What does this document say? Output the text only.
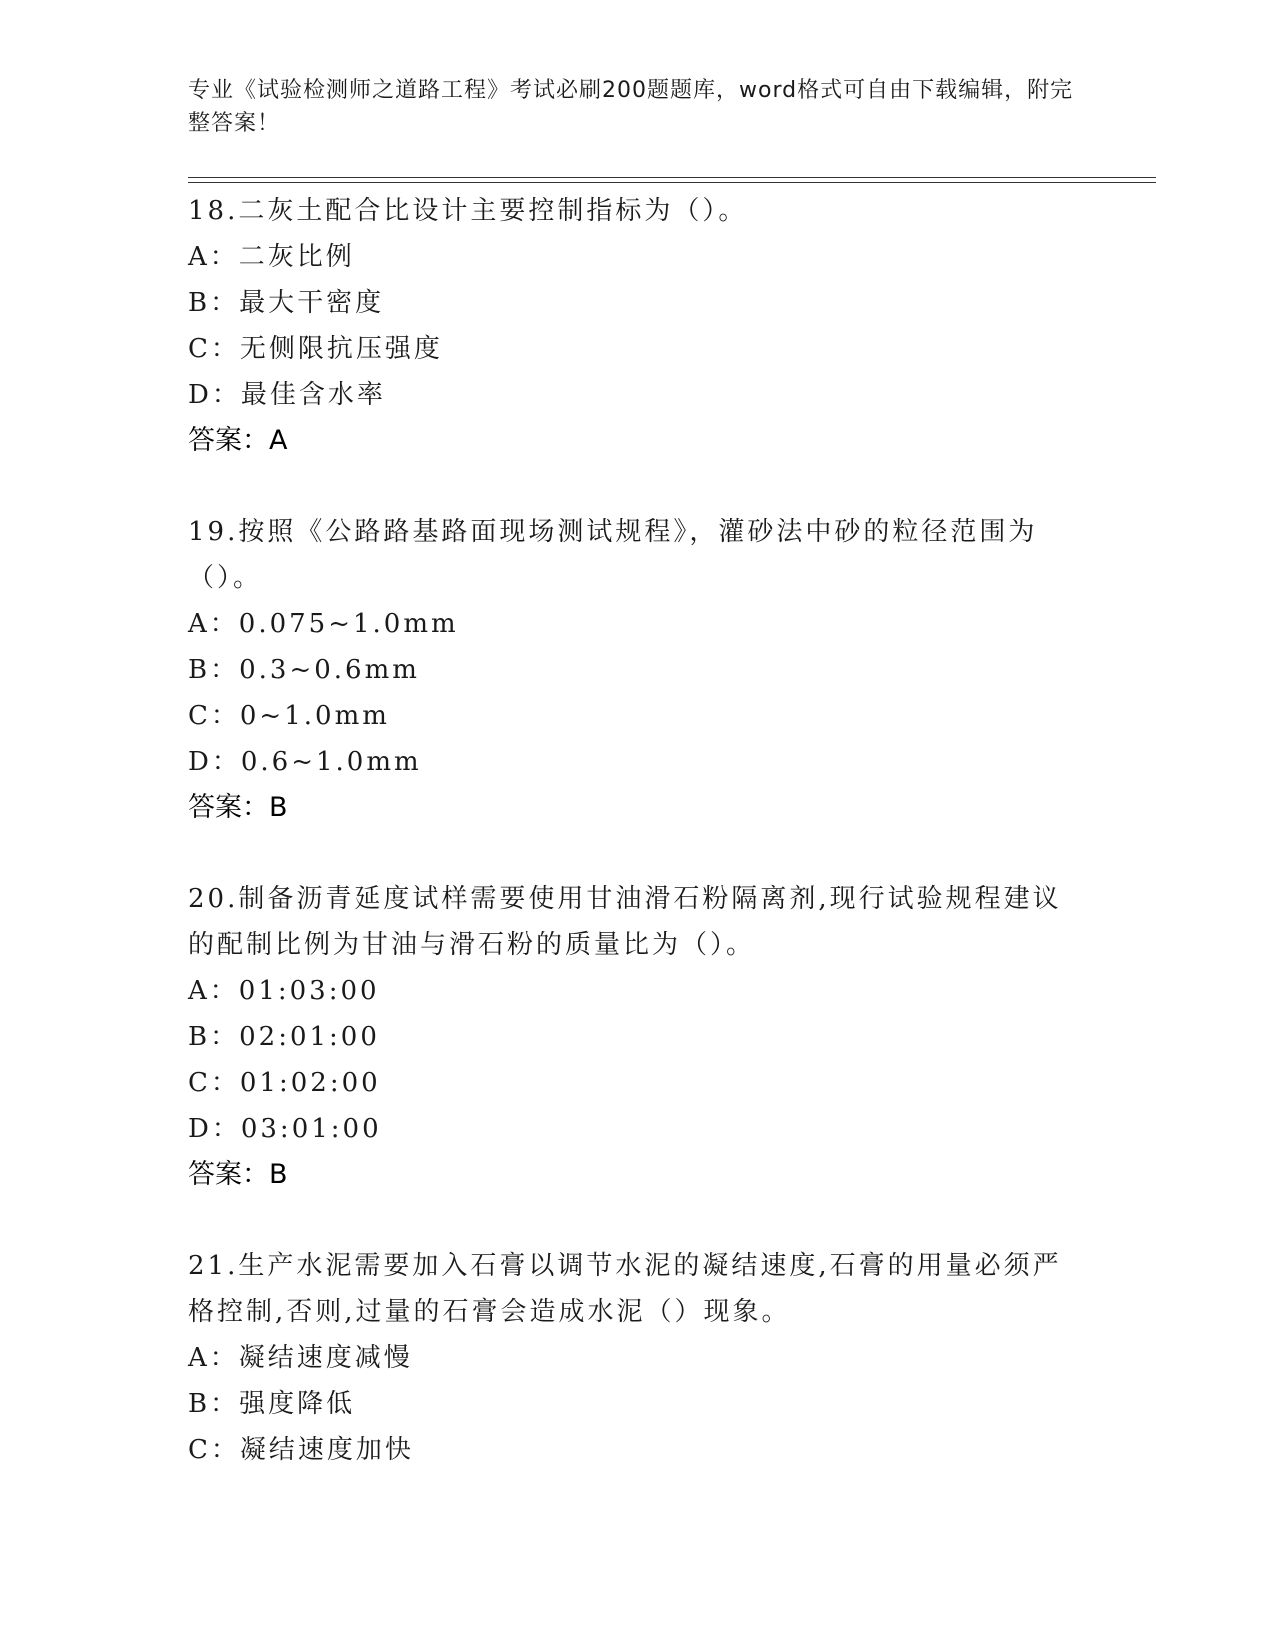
专业《试验检测师之道路工程》考试必刷200题题库，word格式可自由下载编辑，附完整答案！
18.二灰土配合比设计主要控制指标为（）。
A：二灰比例
B：最大干密度
C：无侧限抗压强度
D：最佳含水率
答案：A
19.按照《公路路基路面现场测试规程》，灌砂法中砂的粒径范围为（）。
A：0.075~1.0mm
B：0.3~0.6mm
C：0~1.0mm
D：0.6~1.0mm
答案：B
20.制备沥青延度试样需要使用甘油滑石粉隔离剂,现行试验规程建议的配制比例为甘油与滑石粉的质量比为（）。
A：01:03:00
B：02:01:00
C：01:02:00
D：03:01:00
答案：B
21.生产水泥需要加入石膏以调节水泥的凝结速度,石膏的用量必须严格控制,否则,过量的石膏会造成水泥（）现象。
A：凝结速度减慢
B：强度降低
C：凝结速度加快
